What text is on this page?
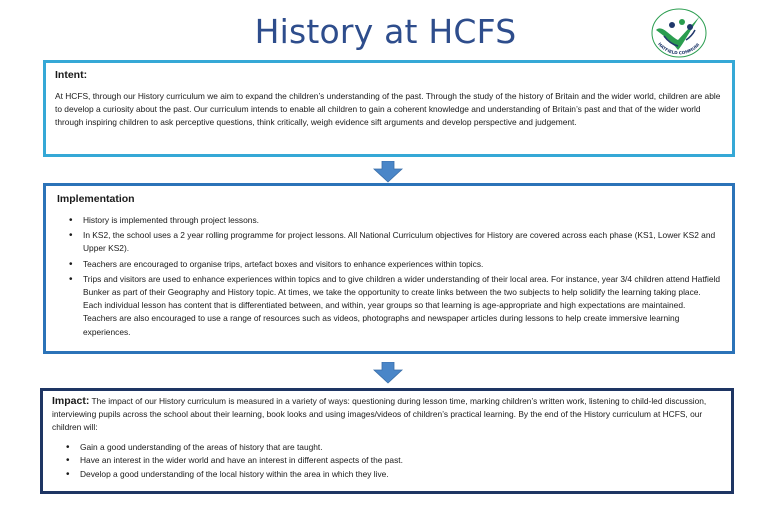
History at HCFS	HATFIELD COMMUNI
Intent:
At HCFS, through our History curriculum we aim to expand the children’s understanding of the past. Through the study of the history of Britain and the wider world, children are able to develop a curiosity about the past. Our curriculum intends to enable all children to gain a coherent knowledge and understanding of Britain’s past and that of the wider world through inspiring children to ask perceptive questions, think critically, weigh evidence sift arguments and develop perspective and judgement.
Implementation
• History is implemented through project lessons.
• In KS2, the school uses a 2 year rolling programme for project lessons. All National Curriculum objectives for History are covered across each phase (KS1, Lower KS2 and Upper KS2).
• Teachers are encouraged to organise trips, artefact boxes and visitors to enhance experiences within topics.
• Trips and visitors are used to enhance experiences within topics and to give children a wider understanding of their local area. For instance, year 3/4 children attend Hatfield Bunker as part of their Geography and History topic. At times, we take the opportunity to create links between the two subjects to help solidify the learning taking place. Each individual lesson has content that is differentiated between, and within, year groups so that learning is age-appropriate and high expectations are maintained. Teachers are also encouraged to use a range of resources such as videos, photographs and newspaper articles during lessons to help create immersive learning experiences.
Impact: The impact of our History curriculum is measured in a variety of ways: questioning during lesson time, marking children’s written work, listening to child-led discussion, interviewing pupils across the school about their learning, book looks and using images/videos of children’s practical learning. By the end of the History curriculum at HCFS, our children will:
• Gain a good understanding of the areas of history that are taught.
• Have an interest in the wider world and have an interest in different aspects of the past.
• Develop a good understanding of the local history within the area in which they live.
